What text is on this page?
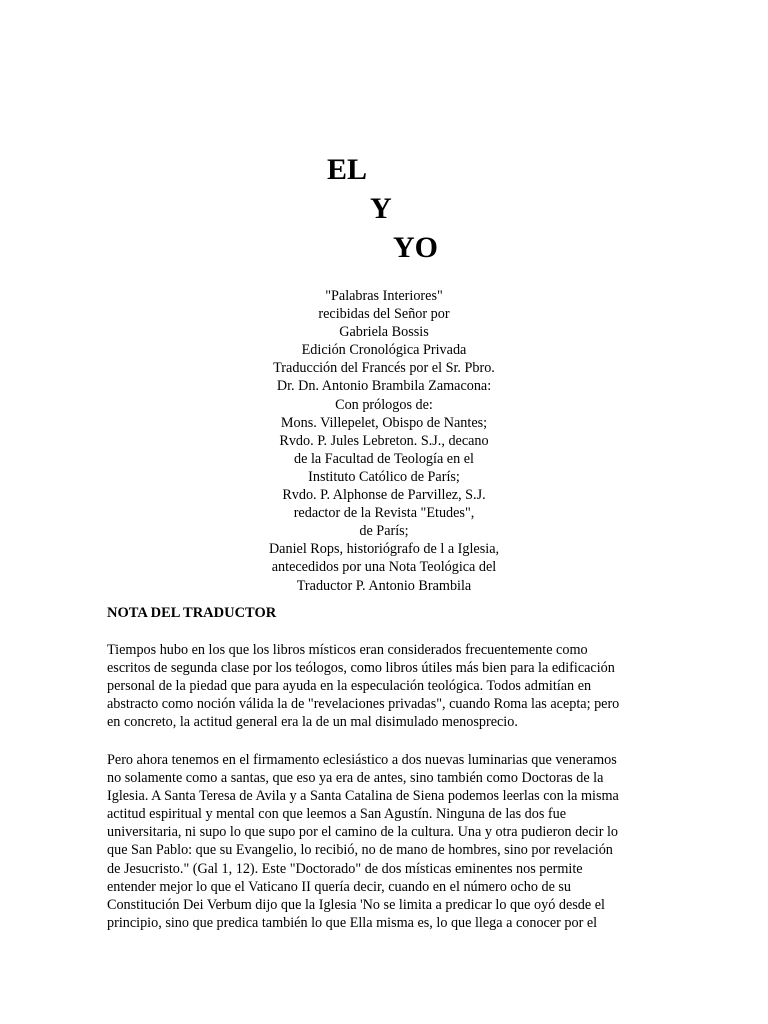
EL
Y
YO
"Palabras Interiores"
recibidas del Señor por
Gabriela Bossis
Edición Cronológica Privada
Traducción del Francés por el Sr. Pbro.
Dr. Dn. Antonio Brambila Zamacona:
Con prólogos de:
Mons. Villepelet, Obispo de Nantes;
Rvdo. P. Jules Lebreton. S.J., decano
de la Facultad de Teología en el
Instituto Católico de París;
Rvdo. P. Alphonse de Parvillez, S.J.
redactor de la Revista "Etudes",
de París;
Daniel Rops, historiógrafo de l a Iglesia,
antecedidos por una Nota Teológica del
Traductor P. Antonio Brambila
NOTA DEL TRADUCTOR
Tiempos hubo en los que los libros místicos eran considerados frecuentemente como
escritos de segunda clase por los teólogos, como libros útiles más bien para la edificación
personal de la piedad que para ayuda en la especulación teológica. Todos admitían en
abstracto como noción válida la de "revelaciones privadas", cuando Roma las acepta; pero
en concreto, la actitud general era la de un mal disimulado menosprecio.
Pero ahora tenemos en el firmamento eclesiástico a dos nuevas luminarias que veneramos
no solamente como a santas, que eso ya era de antes, sino también como Doctoras de la
Iglesia. A Santa Teresa de Avila y a Santa Catalina de Siena podemos leerlas con la misma
actitud espiritual y mental con que leemos a San Agustín. Ninguna de las dos fue
universitaria, ni supo lo que supo por el camino de la cultura. Una y otra pudieron decir lo
que San Pablo: que su Evangelio, lo recibió, no de mano de hombres, sino por revelación
de Jesucristo." (Gal 1, 12). Este "Doctorado" de dos místicas eminentes nos permite
entender mejor lo que el Vaticano II quería decir, cuando en el número ocho de su
Constitución Dei Verbum dijo que la Iglesia 'No se limita a predicar lo que oyó desde el
principio, sino que predica también lo que Ella misma es, lo que llega a conocer por el
